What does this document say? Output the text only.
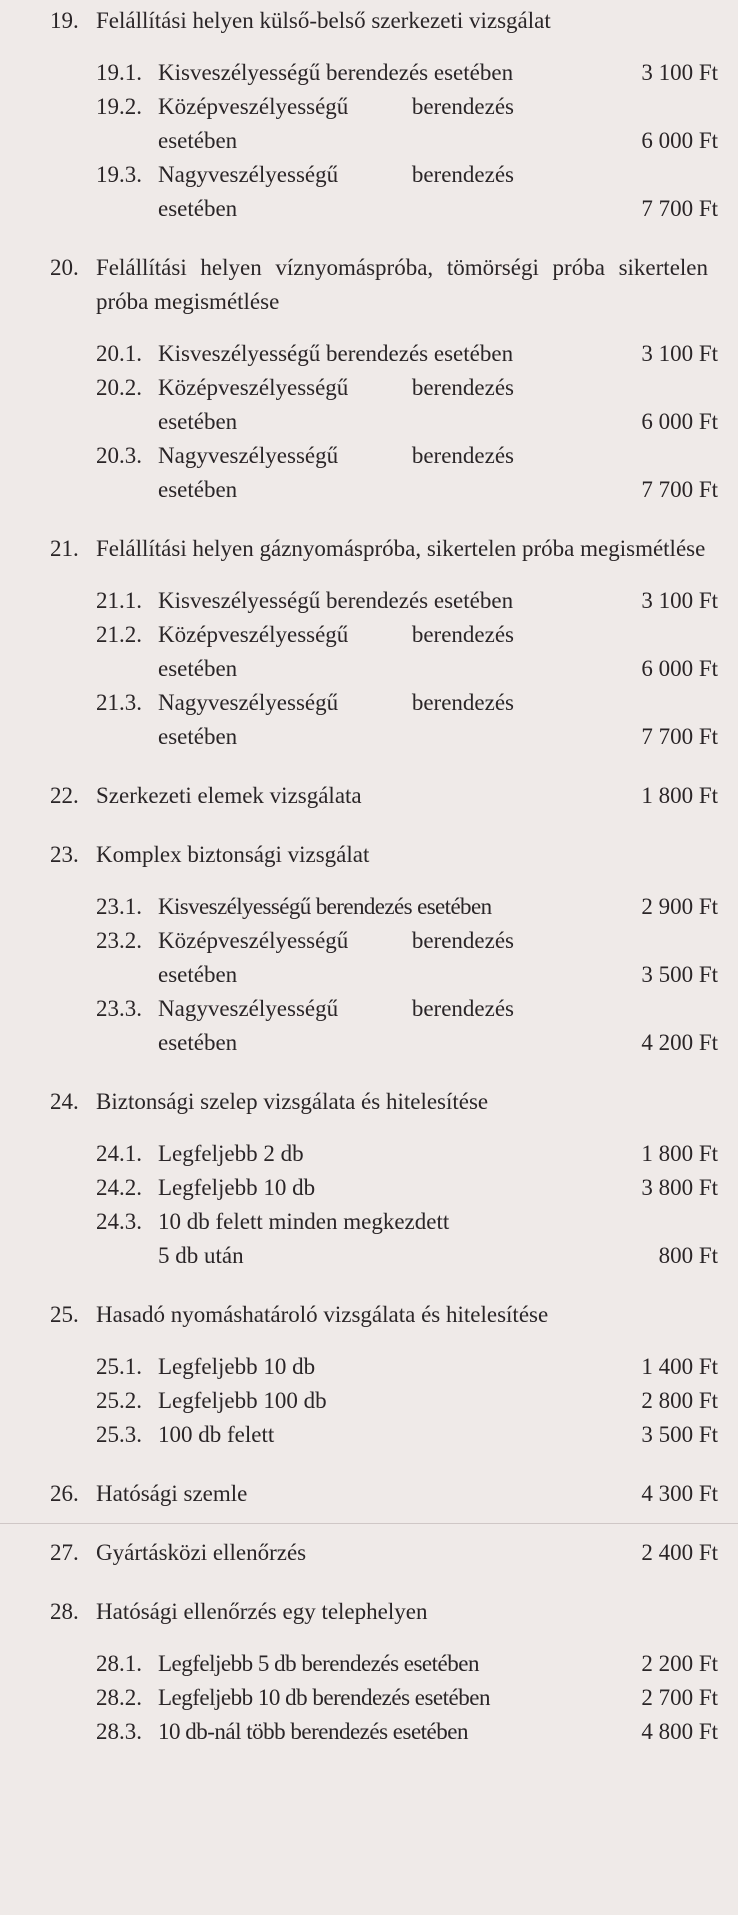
19. Felállítási helyen külső-belső szerkezeti vizsgálat
19.1. Kisveszélyességű berendezés esetében	3 100 Ft
19.2. Középveszélyességű berendezés esetében	6 000 Ft
19.3. Nagyveszélyességű berendezés esetében	7 700 Ft
20. Felállítási helyen víznyomáspróba, tömörségi próba sikertelen próba megismétlése
20.1. Kisveszélyességű berendezés esetében	3 100 Ft
20.2. Középveszélyességű berendezés esetében	6 000 Ft
20.3. Nagyveszélyességű berendezés esetében	7 700 Ft
21. Felállítási helyen gáznyomáspróba, sikertelen próba megismétlése
21.1. Kisveszélyességű berendezés esetében	3 100 Ft
21.2. Középveszélyességű berendezés esetében	6 000 Ft
21.3. Nagyveszélyességű berendezés esetében	7 700 Ft
22. Szerkezeti elemek vizsgálata	1 800 Ft
23. Komplex biztonsági vizsgálat
23.1. Kisveszélyességű berendezés esetében	2 900 Ft
23.2. Középveszélyességű berendezés esetében	3 500 Ft
23.3. Nagyveszélyességű berendezés esetében	4 200 Ft
24. Biztonsági szelep vizsgálata és hitelesítése
24.1. Legfeljebb 2 db	1 800 Ft
24.2. Legfeljebb 10 db	3 800 Ft
24.3. 10 db felett minden megkezdett 5 db után	800 Ft
25. Hasadó nyomáshatároló vizsgálata és hitelesítése
25.1. Legfeljebb 10 db	1 400 Ft
25.2. Legfeljebb 100 db	2 800 Ft
25.3. 100 db felett	3 500 Ft
26. Hatósági szemle	4 300 Ft
27. Gyártásközi ellenőrzés	2 400 Ft
28. Hatósági ellenőrzés egy telephelyen
28.1. Legfeljebb 5 db berendezés esetében	2 200 Ft
28.2. Legfeljebb 10 db berendezés esetében	2 700 Ft
28.3. 10 db-nál több berendezés esetében	4 800 Ft
